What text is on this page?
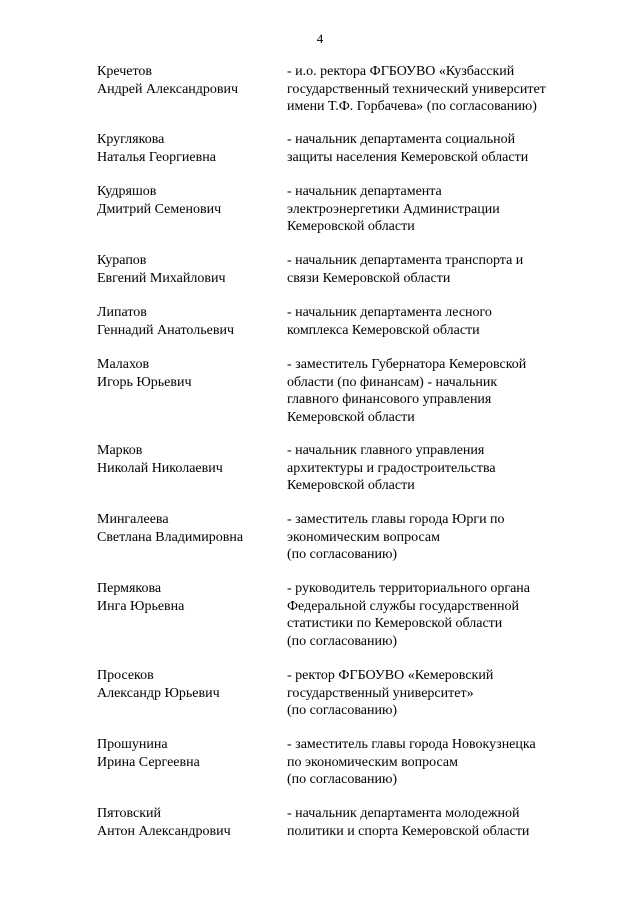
4
Кречетов
Андрей Александрович
- и.о. ректора ФГБОУВО «Кузбасский
государственный технический университет
имени Т.Ф. Горбачева» (по согласованию)
Круглякова
Наталья Георгиевна
- начальник департамента социальной
защиты населения Кемеровской области
Кудряшов
Дмитрий Семенович
- начальник департамента
электроэнергетики Администрации
Кемеровской области
Курапов
Евгений Михайлович
- начальник департамента транспорта и
связи Кемеровской области
Липатов
Геннадий Анатольевич
- начальник департамента лесного
комплекса Кемеровской области
Малахов
Игорь Юрьевич
- заместитель Губернатора Кемеровской
области (по финансам) - начальник
главного финансового управления
Кемеровской области
Марков
Николай Николаевич
- начальник главного управления
архитектуры и градостроительства
Кемеровской области
Мингалеева
Светлана Владимировна
- заместитель главы города Юрги по
экономическим вопросам
(по согласованию)
Пермякова
Инга Юрьевна
- руководитель территориального органа
Федеральной службы государственной
статистики по Кемеровской области
(по согласованию)
Просеков
Александр Юрьевич
- ректор ФГБОУВО «Кемеровский
государственный университет»
(по согласованию)
Прошунина
Ирина Сергеевна
- заместитель главы города Новокузнецка
по экономическим вопросам
(по согласованию)
Пятовский
Антон Александрович
- начальник департамента молодежной
политики и спорта Кемеровской области
